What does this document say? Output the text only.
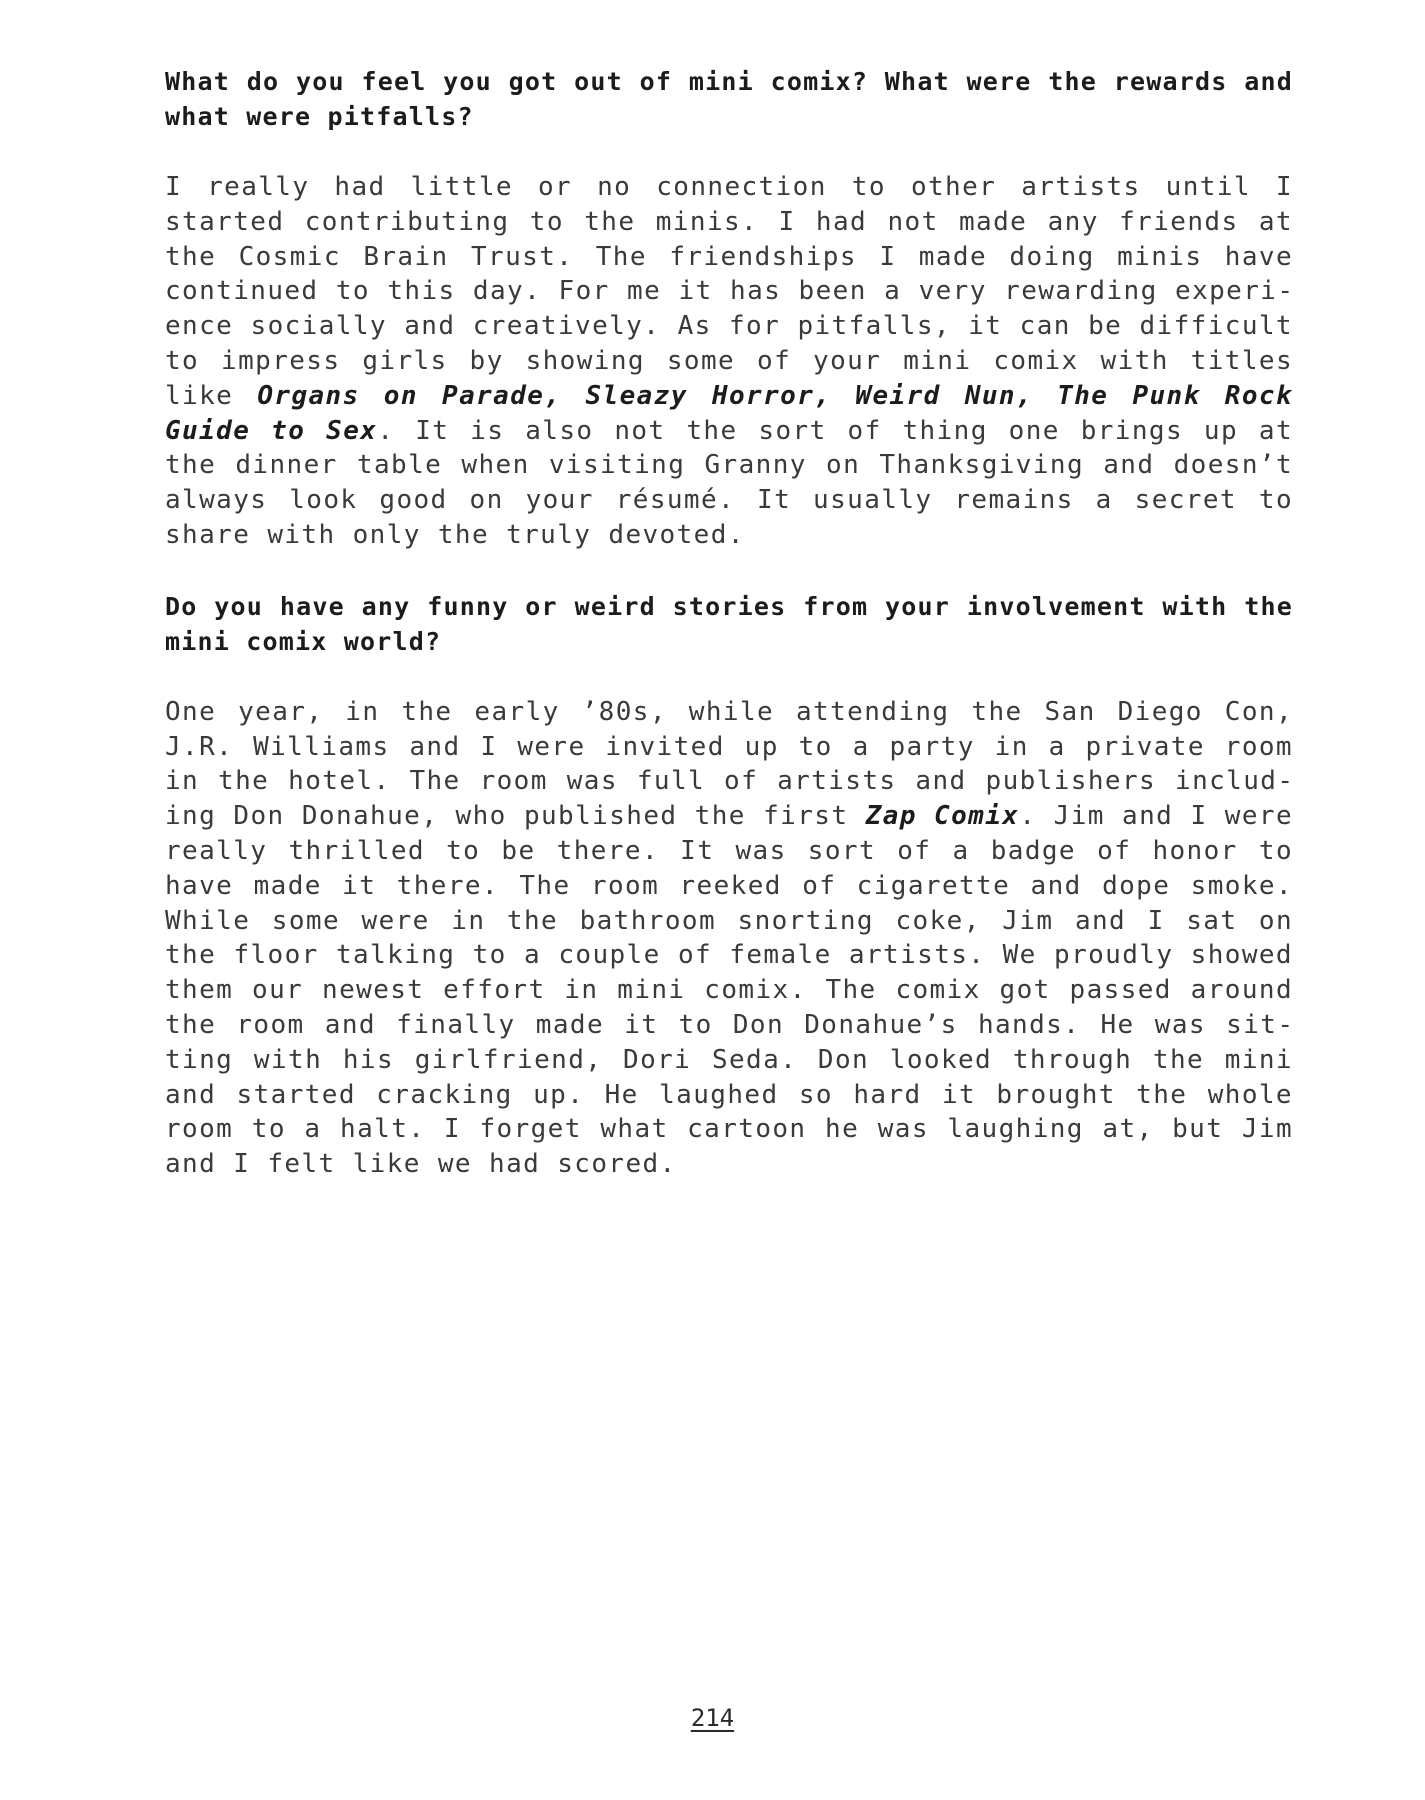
What do you feel you got out of mini comix? What were the rewards and what were pitfalls?

I really had little or no connection to other artists until I started contributing to the minis. I had not made any friends at the Cosmic Brain Trust. The friendships I made doing minis have continued to this day. For me it has been a very rewarding experience socially and creatively. As for pitfalls, it can be difficult to impress girls by showing some of your mini comix with titles like Organs on Parade, Sleazy Horror, Weird Nun, The Punk Rock Guide to Sex. It is also not the sort of thing one brings up at the dinner table when visiting Granny on Thanksgiving and doesn’t always look good on your résumé. It usually remains a secret to share with only the truly devoted.

Do you have any funny or weird stories from your involvement with the mini comix world?

One year, in the early ’80s, while attending the San Diego Con, J.R. Williams and I were invited up to a party in a private room in the hotel. The room was full of artists and publishers including Don Donahue, who published the first Zap Comix. Jim and I were really thrilled to be there. It was sort of a badge of honor to have made it there. The room reeked of cigarette and dope smoke. While some were in the bathroom snorting coke, Jim and I sat on the floor talking to a couple of female artists. We proudly showed them our newest effort in mini comix. The comix got passed around the room and finally made it to Don Donahue’s hands. He was sitting with his girlfriend, Dori Seda. Don looked through the mini and started cracking up. He laughed so hard it brought the whole room to a halt. I forget what cartoon he was laughing at, but Jim and I felt like we had scored.

214
